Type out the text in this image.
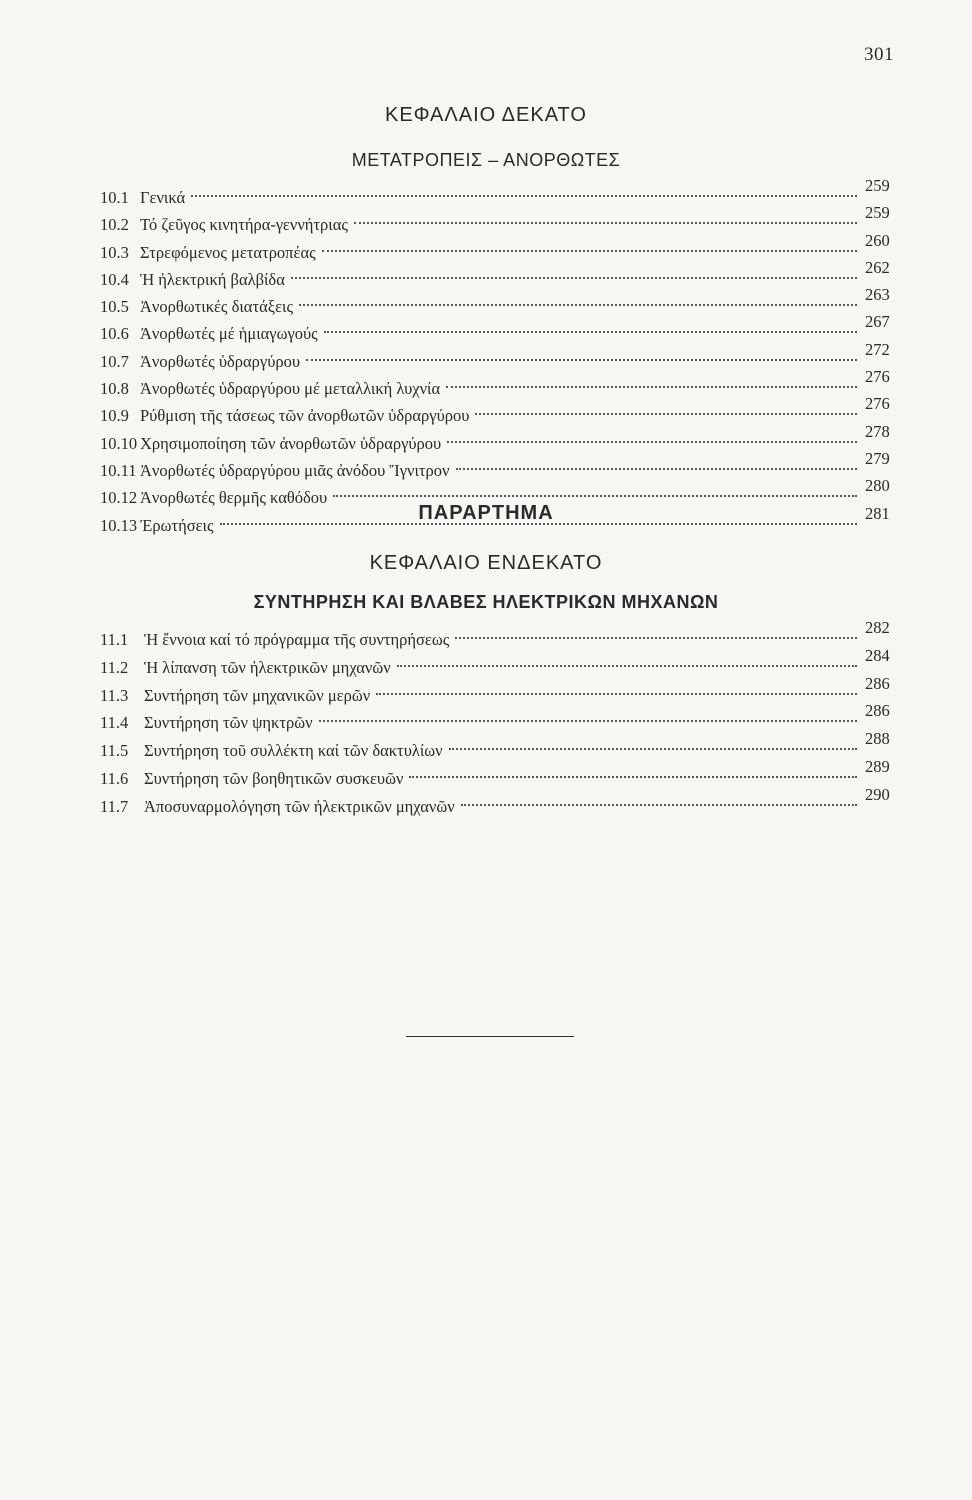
301
ΚΕΦΑΛΑΙΟ ΔΕΚΑΤΟ
ΜΕΤΑΤΡΟΠΕΙΣ – ΑΝΟΡΘΩΤΕΣ
10.1 Γενικά
259
10.2 Τό ζεῦγος κινητήρα-γεννήτριας
259
10.3 Στρεφόμενος μετατροπέας
260
10.4 Ἡ ἠλεκτρική βαλβίδα
262
10.5 Ἀνορθωτικές διατάξεις
263
10.6 Ἀνορθωτές μέ ἡμιαγωγούς
267
10.7 Ἀνορθωτές ὑδραργύρου
272
10.8 Ἀνορθωτές ὑδραργύρου μέ μεταλλική λυχνία
276
10.9 Ρύθμιση τῆς τάσεως τῶν ἀνορθωτῶν ὑδραργύρου
276
10.10 Χρησιμοποίηση τῶν ἀνορθωτῶν ὑδραργύρου
278
10.11 Ἀνορθωτές ὑδραργύρου μιᾶς ἀνόδου Ἴγνιτρον
279
10.12 Ἀνορθωτές θερμῆς καθόδου
280
10.13 Ἐρωτήσεις
281
ΠΑΡΑΡΤΗΜΑ
ΚΕΦΑΛΑΙΟ ΕΝΔΕΚΑΤΟ
ΣΥΝΤΗΡΗΣΗ ΚΑΙ ΒΛΑΒΕΣ ΗΛΕΚΤΡΙΚΩΝ ΜΗΧΑΝΩΝ
11.1 Ἡ ἔννοια καί τό πρόγραμμα τῆς συντηρήσεως
282
11.2 Ἡ λίπανση τῶν ἠλεκτρικῶν μηχανῶν
284
11.3 Συντήρηση τῶν μηχανικῶν μερῶν
286
11.4 Συντήρηση τῶν ψηκτρῶν
286
11.5 Συντήρηση τοῦ συλλέκτη καί τῶν δακτυλίων
288
11.6 Συντήρηση τῶν βοηθητικῶν συσκευῶν
289
11.7 Ἀποσυναρμολόγηση τῶν ἠλεκτρικῶν μηχανῶν
290
